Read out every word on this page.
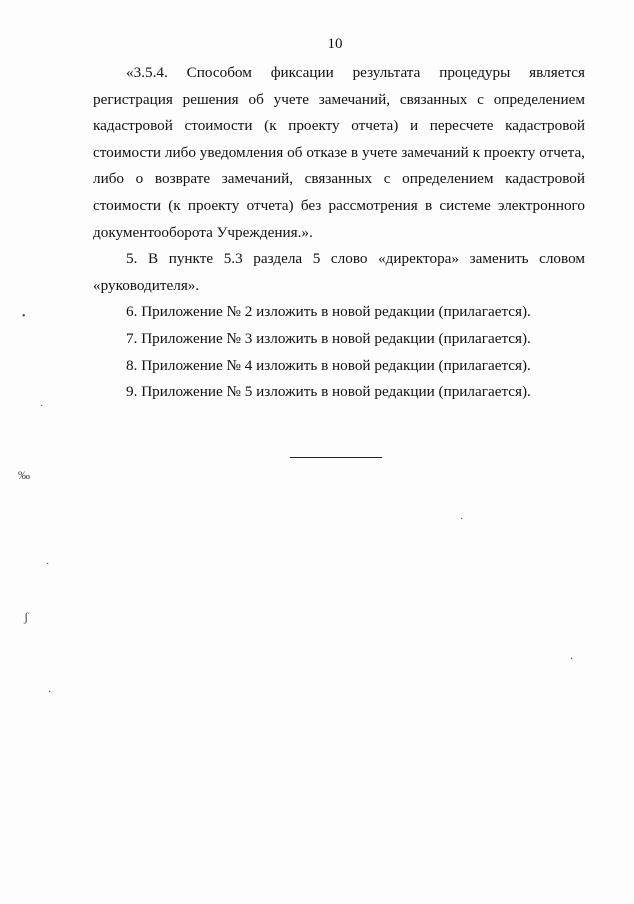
10

«3.5.4. Способом фиксации результата процедуры является регистрация решения об учете замечаний, связанных с определением кадастровой стоимости (к проекту отчета) и пересчете кадастровой стоимости либо уведомления об отказе в учете замечаний к проекту отчета, либо о возврате замечаний, связанных с определением кадастровой стоимости (к проекту отчета) без рассмотрения в системе электронного документооборота Учреждения.».

5. В пункте 5.3 раздела 5 слово «директора» заменить словом «руководителя».

6. Приложение № 2 изложить в новой редакции (прилагается).

7. Приложение № 3 изложить в новой редакции (прилагается).

8. Приложение № 4 изложить в новой редакции (прилагается).

9. Приложение № 5 изложить в новой редакции (прилагается).

•
·
‰
·
ʃ
·
·
·
